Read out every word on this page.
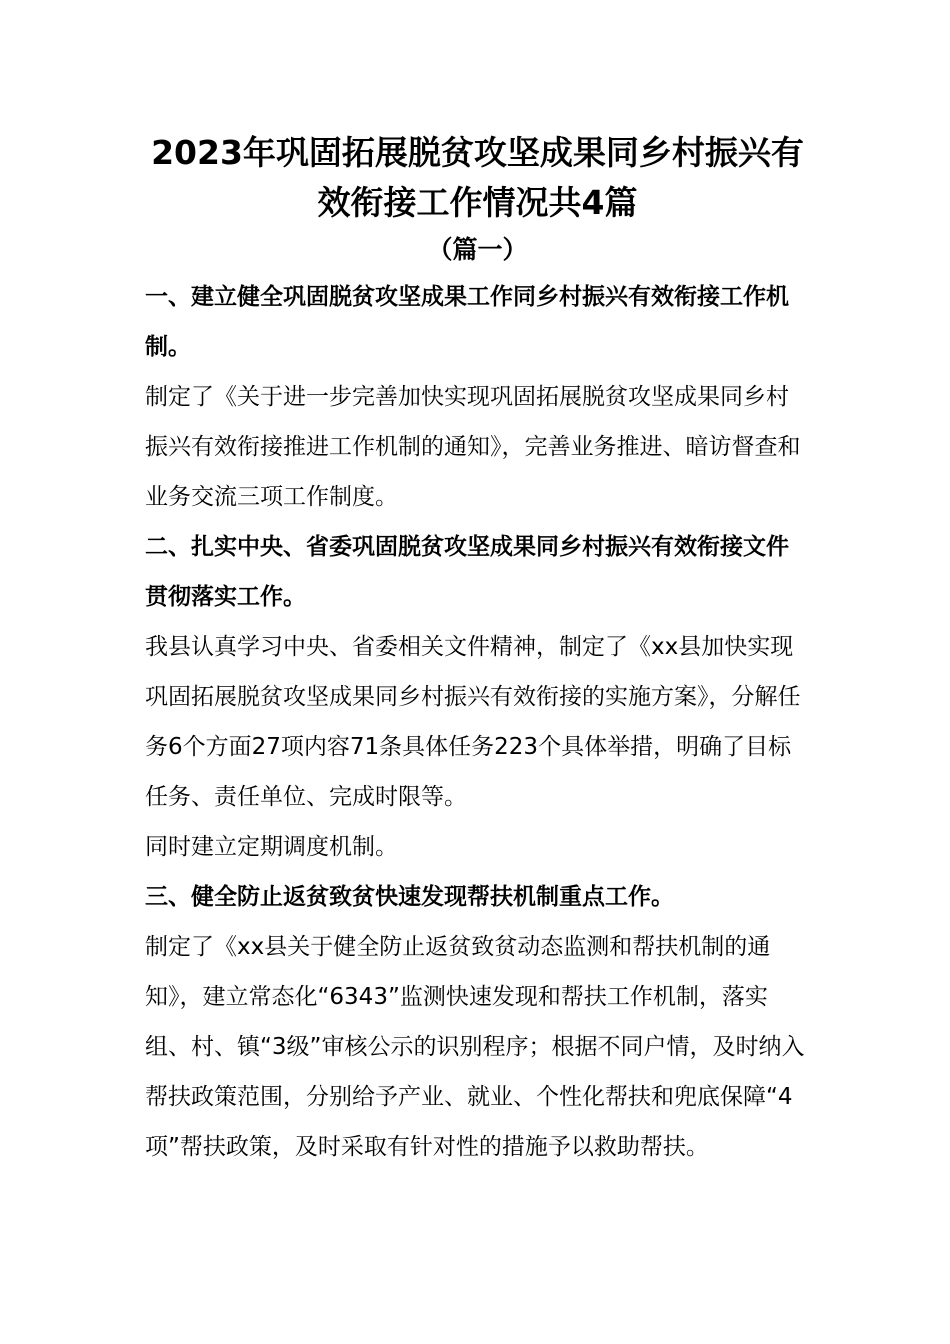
2023年巩固拓展脱贫攻坚成果同乡村振兴有效衔接工作情况共4篇
（篇一）

一、建立健全巩固脱贫攻坚成果工作同乡村振兴有效衔接工作机制。

制定了《关于进一步完善加快实现巩固拓展脱贫攻坚成果同乡村振兴有效衔接推进工作机制的通知》，完善业务推进、暗访督查和业务交流三项工作制度。

二、扎实中央、省委巩固脱贫攻坚成果同乡村振兴有效衔接文件贯彻落实工作。

我县认真学习中央、省委相关文件精神，制定了《xx县加快实现巩固拓展脱贫攻坚成果同乡村振兴有效衔接的实施方案》，分解任务6个方面27项内容71条具体任务223个具体举措，明确了目标任务、责任单位、完成时限等。

同时建立定期调度机制。

三、健全防止返贫致贫快速发现帮扶机制重点工作。

制定了《xx县关于健全防止返贫致贫动态监测和帮扶机制的通知》，建立常态化“6343”监测快速发现和帮扶工作机制，落实组、村、镇“3级”审核公示的识别程序；根据不同户情，及时纳入帮扶政策范围，分别给予产业、就业、个性化帮扶和兜底保障“4项”帮扶政策，及时采取有针对性的措施予以救助帮扶。
